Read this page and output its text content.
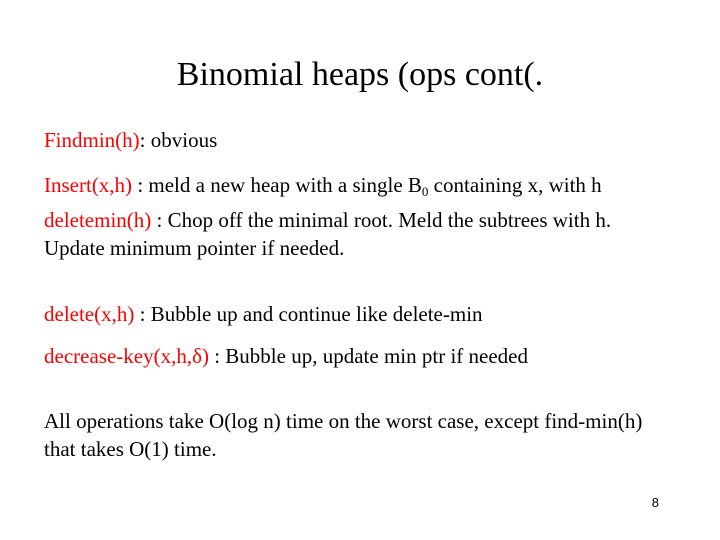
Binomial heaps (ops cont(.
Findmin(h): obvious
Insert(x,h) : meld a new heap with a single $B_0$ containing x, with h
deletemin(h) : Chop off the minimal root. Meld the subtrees with h. Update minimum pointer if needed.
delete(x,h) : Bubble up and continue like delete-min
decrease-key(x,h,δ) : Bubble up, update min ptr if needed
All operations take O(log n) time on the worst case, except find-min(h) that takes O(1) time.
8
